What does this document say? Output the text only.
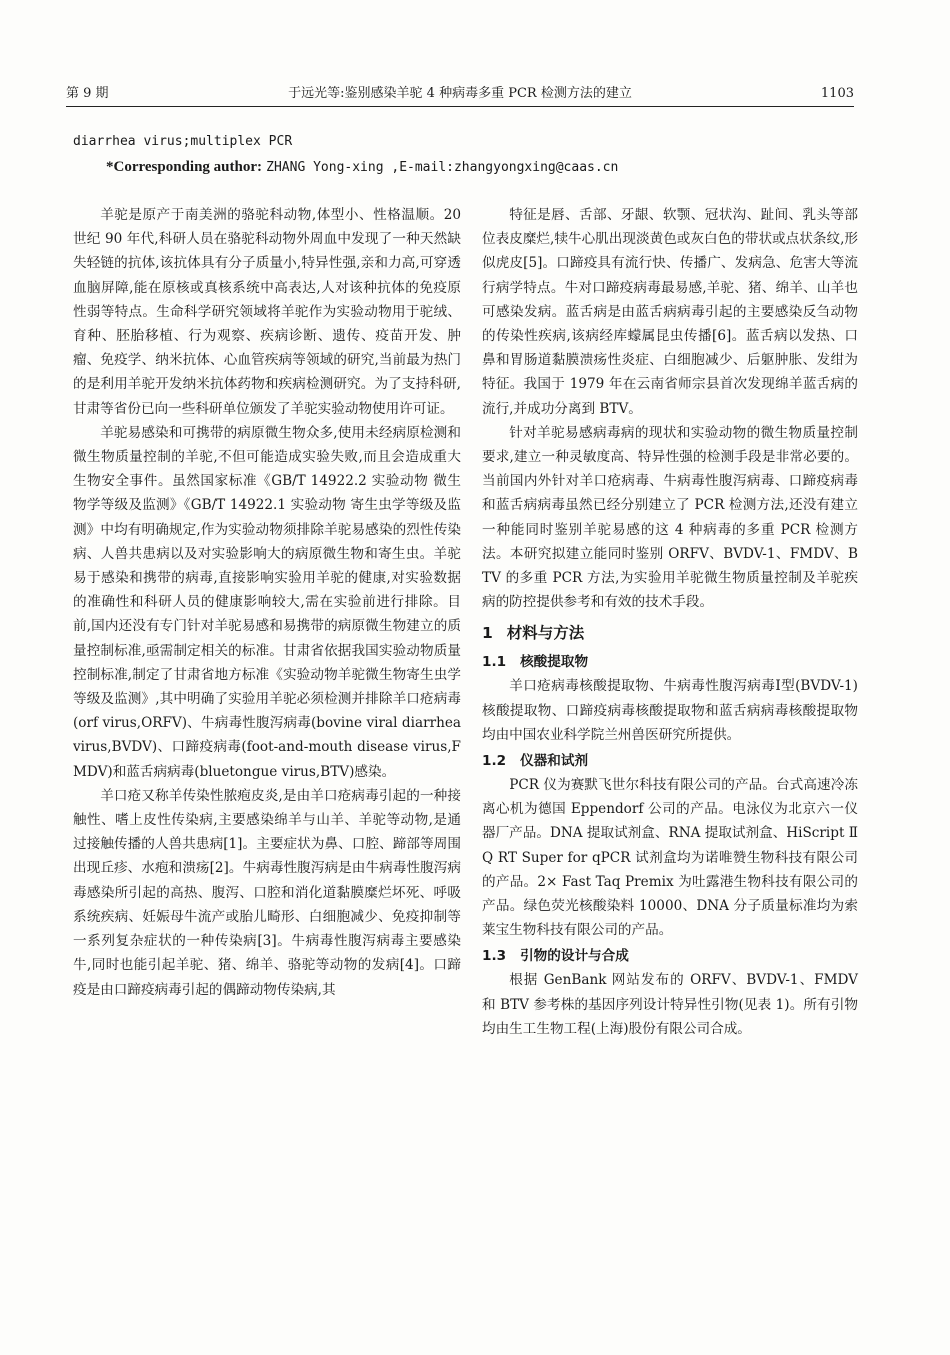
第 9 期	于远光等:鉴别感染羊驼 4 种病毒多重 PCR 检测方法的建立	1103
diarrhea virus;multiplex PCR
*Corresponding author: ZHANG Yong-xing ,E-mail:zhangyongxing@caas.cn

羊驼是原产于南美洲的骆驼科动物,体型小、性格温顺。20 世纪 90 年代,科研人员在骆驼科动物外周血中发现了一种天然缺失轻链的抗体,该抗体具有分子质量小,特异性强,亲和力高,可穿透血脑屏障,能在原核或真核系统中高表达,人对该种抗体的免疫原性弱等特点。生命科学研究领域将羊驼作为实验动物用于驼绒、育种、胚胎移植、行为观察、疾病诊断、遗传、疫苗开发、肿瘤、免疫学、纳米抗体、心血管疾病等领域的研究,当前最为热门的是利用羊驼开发纳米抗体药物和疾病检测研究。为了支持科研,甘肃等省份已向一些科研单位颁发了羊驼实验动物使用许可证。

羊驼易感染和可携带的病原微生物众多,使用未经病原检测和微生物质量控制的羊驼,不但可能造成实验失败,而且会造成重大生物安全事件。虽然国家标准《GB/T 14922.2 实验动物 微生物学等级及监测》《GB/T 14922.1 实验动物 寄生虫学等级及监测》中均有明确规定,作为实验动物须排除羊驼易感染的烈性传染病、人兽共患病以及对实验影响大的病原微生物和寄生虫。羊驼易于感染和携带的病毒,直接影响实验用羊驼的健康,对实验数据的准确性和科研人员的健康影响较大,需在实验前进行排除。目前,国内还没有专门针对羊驼易感和易携带的病原微生物建立的质量控制标准,亟需制定相关的标准。甘肃省依据我国实验动物质量控制标准,制定了甘肃省地方标准《实验动物羊驼微生物寄生虫学等级及监测》,其中明确了实验用羊驼必须检测并排除羊口疮病毒(orf virus,ORFV)、牛病毒性腹泻病毒(bovine viral diarrhea virus,BVDV)、口蹄疫病毒(foot-and-mouth disease virus,FMDV)和蓝舌病病毒(bluetongue virus,BTV)感染。

羊口疮又称羊传染性脓疱皮炎,是由羊口疮病毒引起的一种接触性、嗜上皮性传染病,主要感染绵羊与山羊、羊驼等动物,是通过接触传播的人兽共患病[1]。主要症状为鼻、口腔、蹄部等周围出现丘疹、水疱和溃疡[2]。牛病毒性腹泻病是由牛病毒性腹泻病毒感染所引起的高热、腹泻、口腔和消化道黏膜糜烂坏死、呼吸系统疾病、妊娠母牛流产或胎儿畸形、白细胞减少、免疫抑制等一系列复杂症状的一种传染病[3]。牛病毒性腹泻病毒主要感染牛,同时也能引起羊驼、猪、绵羊、骆驼等动物的发病[4]。口蹄疫是由口蹄疫病毒引起的偶蹄动物传染病,其

特征是唇、舌部、牙龈、软颚、冠状沟、趾间、乳头等部位表皮糜烂,犊牛心肌出现淡黄色或灰白色的带状或点状条纹,形似虎皮[5]。口蹄疫具有流行快、传播广、发病急、危害大等流行病学特点。牛对口蹄疫病毒最易感,羊驼、猪、绵羊、山羊也可感染发病。蓝舌病是由蓝舌病病毒引起的主要感染反刍动物的传染性疾病,该病经库蠓属昆虫传播[6]。蓝舌病以发热、口鼻和胃肠道黏膜溃疡性炎症、白细胞减少、后躯肿胀、发绀为特征。我国于 1979 年在云南省师宗县首次发现绵羊蓝舌病的流行,并成功分离到 BTV。

针对羊驼易感病毒病的现状和实验动物的微生物质量控制要求,建立一种灵敏度高、特异性强的检测手段是非常必要的。当前国内外针对羊口疮病毒、牛病毒性腹泻病毒、口蹄疫病毒和蓝舌病病毒虽然已经分别建立了 PCR 检测方法,还没有建立一种能同时鉴别羊驼易感的这 4 种病毒的多重 PCR 检测方法。本研究拟建立能同时鉴别 ORFV、BVDV-1、FMDV、BTV 的多重 PCR 方法,为实验用羊驼微生物质量控制及羊驼疾病的防控提供参考和有效的技术手段。

1 材料与方法
1.1 核酸提取物

羊口疮病毒核酸提取物、牛病毒性腹泻病毒Ⅰ型(BVDV-1)核酸提取物、口蹄疫病毒核酸提取物和蓝舌病病毒核酸提取物均由中国农业科学院兰州兽医研究所提供。

1.2 仪器和试剂

PCR 仪为赛默飞世尔科技有限公司的产品。台式高速冷冻离心机为德国 Eppendorf 公司的产品。电泳仪为北京六一仪器厂产品。DNA 提取试剂盒、RNA 提取试剂盒、HiScript Ⅱ Q RT Super for qPCR 试剂盒均为诺唯赞生物科技有限公司的产品。2× Fast Taq Premix 为吐露港生物科技有限公司的产品。绿色荧光核酸染料 10000、DNA 分子质量标准均为索莱宝生物科技有限公司的产品。

1.3 引物的设计与合成

根据 GenBank 网站发布的 ORFV、BVDV-1、FMDV 和 BTV 参考株的基因序列设计特异性引物(见表 1)。所有引物均由生工生物工程(上海)股份有限公司合成。
